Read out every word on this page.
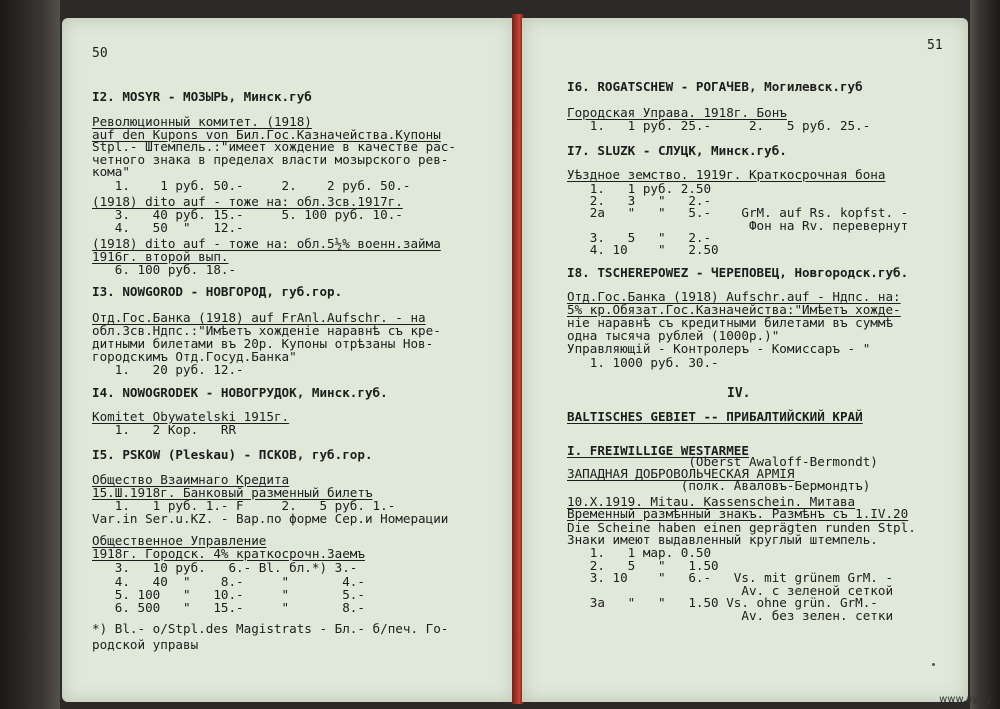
50
I2. MOSYR - МОЗЫРЬ, Минск.губ
Революционный комитет. (1918)
auf den Kupons von Бил.Гос.Казначейства.Купоны
Stpl.- Штемпель.:"имеет хождение в качестве рас-
четного знака в пределах власти мозырского рев-
кома"
1.    1 руб. 50.-     2.    2 руб. 50.-
(1918) dito auf - тоже на: обл.3св.1917г.
3.   40 руб. 15.-     5. 100 руб. 10.-
4.   50  "   12.-
(1918) dito auf - тоже на: обл.5½% военн.займа
1916г. второй вып.
6. 100 руб. 18.-
I3. NOWGOROD - НОВГОРОД, губ.гор.
Отд.Гос.Банка (1918) auf FrAnl.Aufschr. - на
обл.3св.Ндпс.:"Имѣетъ хожденіе наравнѣ съ кре-
дитными билетами въ 20р. Купоны отрѣзаны Нов-
городскимъ Отд.Госуд.Банка"
1.   20 руб. 12.-
I4. NOWOGRODEK - НОВОГРУДОК, Минск.губ.
Komitet Obywatelski 1915г.
1.   2 Кор.   RR
I5. PSKOW (Pleskau) - ПСКОВ, губ.гор.
Общество Взаимнаго Кредита
15.Ш.1918г. Банковый разменный билетъ
1.   1 руб. 1.- F     2.   5 руб. 1.-
Var.in Ser.u.KZ. - Вар.по форме Сер.и Номерации
Общественное Управление
1918г. Городск. 4% краткосрочн.Заемъ
3.   10 руб.   6.- Bl. бл.*) 3.-
4.   40  "    8.-     "       4.-
5. 100   "   10.-     "       5.-
6. 500   "   15.-     "       8.-
*) Bl.- o/Stpl.des Magistrats - Бл.- б/печ. Го-
родской управы
51
I6. ROGATSCHEW - РОГАЧЕВ, Могилевск.губ
Городская Управа. 1918г. Бонъ
1.   1 руб. 25.-     2.   5 руб. 25.-
I7. SLUZK - СЛУЦК, Минск.губ.
Уѣздное земство. 1919г. Краткосрочная бона
1.   1 руб. 2.50
2.   3   "   2.-
2а   "   "   5.-    GrM. auf Rs. kopfst. -
Фон на Rv. перевернут
3.   5   "   2.-
4. 10    "   2.50
I8. TSCHEREPOWEZ - ЧЕРЕПОВЕЦ, Новгородск.губ.
Отд.Гос.Банка (1918) Aufschr.auf - Ндпс. на:
5% кр.Обязат.Гос.Казначейства:"Имѣетъ хожде-
ніе наравнѣ съ кредитными билетами въ суммѣ
одна тысяча рублей (1000р.)"
Управляющій - Контролеръ - Комиссаръ - "
1. 1000 руб. 30.-
IV.
BALTISCHES GEBIET -- ПРИБАЛТИЙСКИЙ КРАЙ
I. FREIWILLIGE WESTARMEE
(Oberst Awaloff-Bermondt)
ЗАПАДНАЯ ДОБРОВОЛЬЧЕСКАЯ АРМІЯ
(полк. Аваловъ-Бермондтъ)
10.X.1919. Mitau. Kassenschein. Митава
Временный размѣнный знакъ. Размѣнъ съ 1.IV.20
Die Scheine haben einen geprägten runden Stpl.
Знаки имеют выдавленный круглый штемпель.
1.   1 мар. 0.50
2.   5   "   1.50
3. 10    "   6.-   Vs. mit grünem GrM. -
Av. с зеленой сеткой
3а   "   "   1.50 Vs. ohne grün. GrM.-
Av. без зелен. сетки
www.ay.by
